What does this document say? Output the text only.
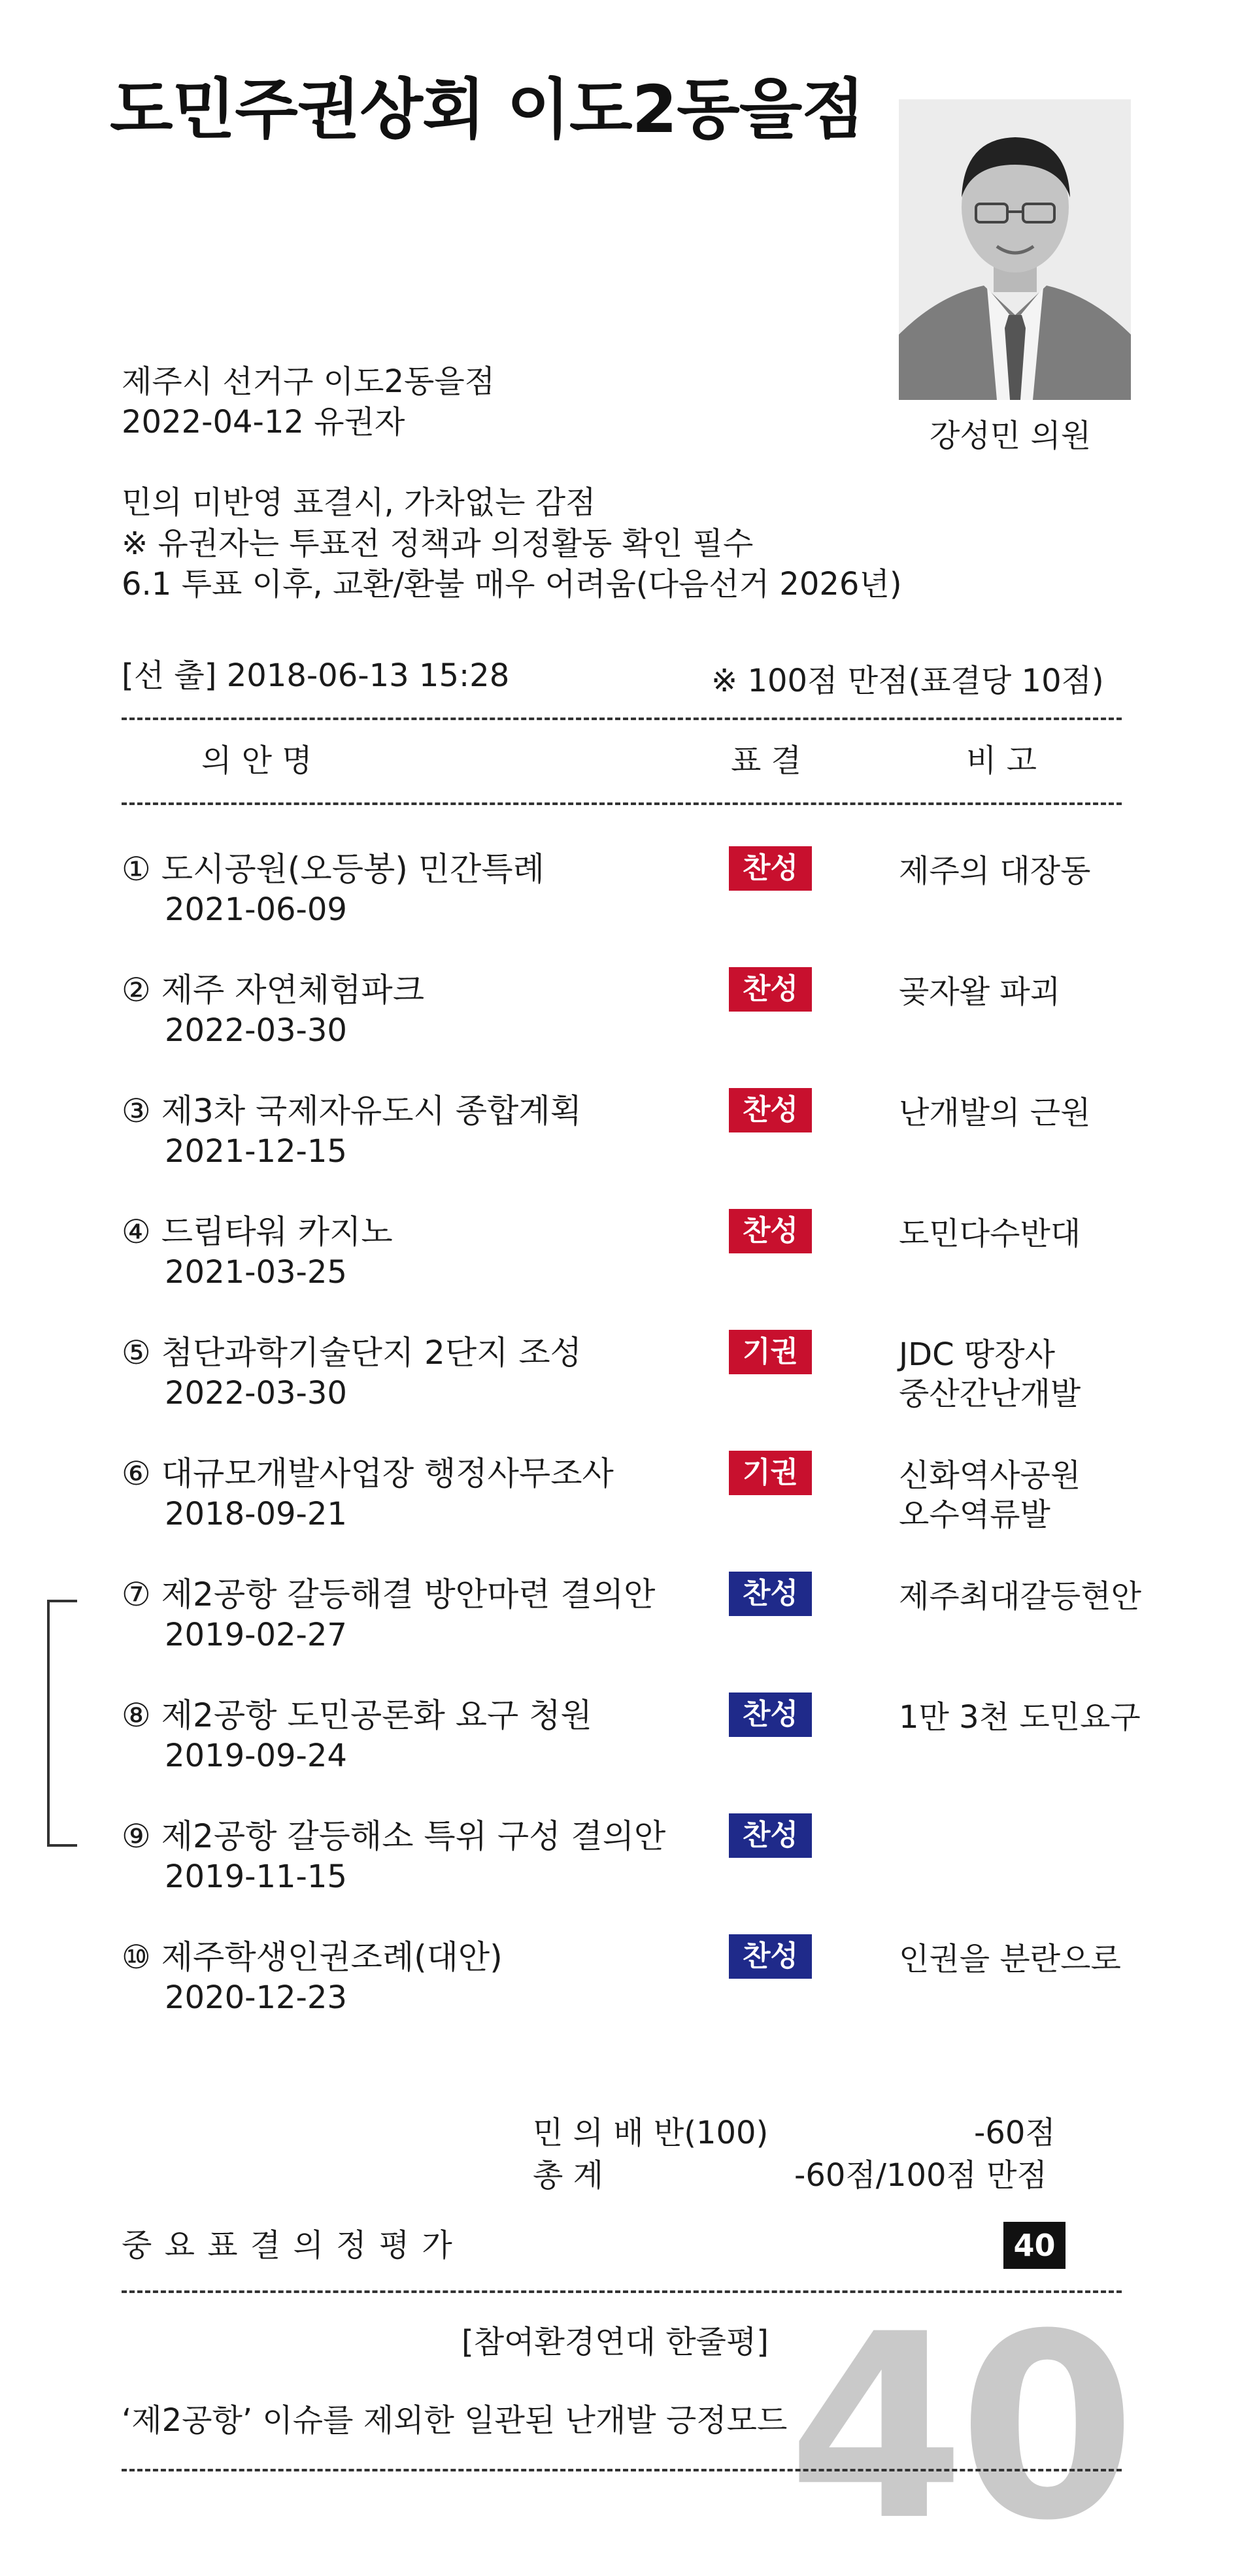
도민주권상회 이도2동을점
강성민 의원
제주시 선거구 이도2동을점
2022-04-12 유권자
민의 미반영 표결시, 가차없는 감점
※ 유권자는 투표전 정책과 의정활동 확인 필수
6.1 투표 이후, 교환/환불 매우 어려움(다음선거 2026년)
[선 출] 2018-06-13 15:28	※ 100점 만점(표결당 10점)
의 안 명	표 결	비 고
① 도시공원(오등봉) 민간특례
2021-06-09
찬성	제주의 대장동
② 제주 자연체험파크
2022-03-30
찬성	곶자왈 파괴
③ 제3차 국제자유도시 종합계획
2021-12-15
찬성	난개발의 근원
④ 드림타워 카지노
2021-03-25
찬성	도민다수반대
⑤ 첨단과학기술단지 2단지 조성
2022-03-30
기권	JDC 땅장사
중산간난개발
⑥ 대규모개발사업장 행정사무조사
2018-09-21
기권	신화역사공원
오수역류발
⑦ 제2공항 갈등해결 방안마련 결의안
2019-02-27
찬성	제주최대갈등현안
⑧ 제2공항 도민공론화 요구 청원
2019-09-24
찬성	1만 3천 도민요구
⑨ 제2공항 갈등해소 특위 구성 결의안
2019-11-15
찬성
⑩ 제주학생인권조례(대안)
2020-12-23
찬성	인권을 분란으로
민 의 배 반(100)	-60점
총 계	-60점/100점 만점
중 요 표 결 의 정 평 가	40
40
[참여환경연대 한줄평]
‘제2공항’ 이슈를 제외한 일관된 난개발 긍정모드
